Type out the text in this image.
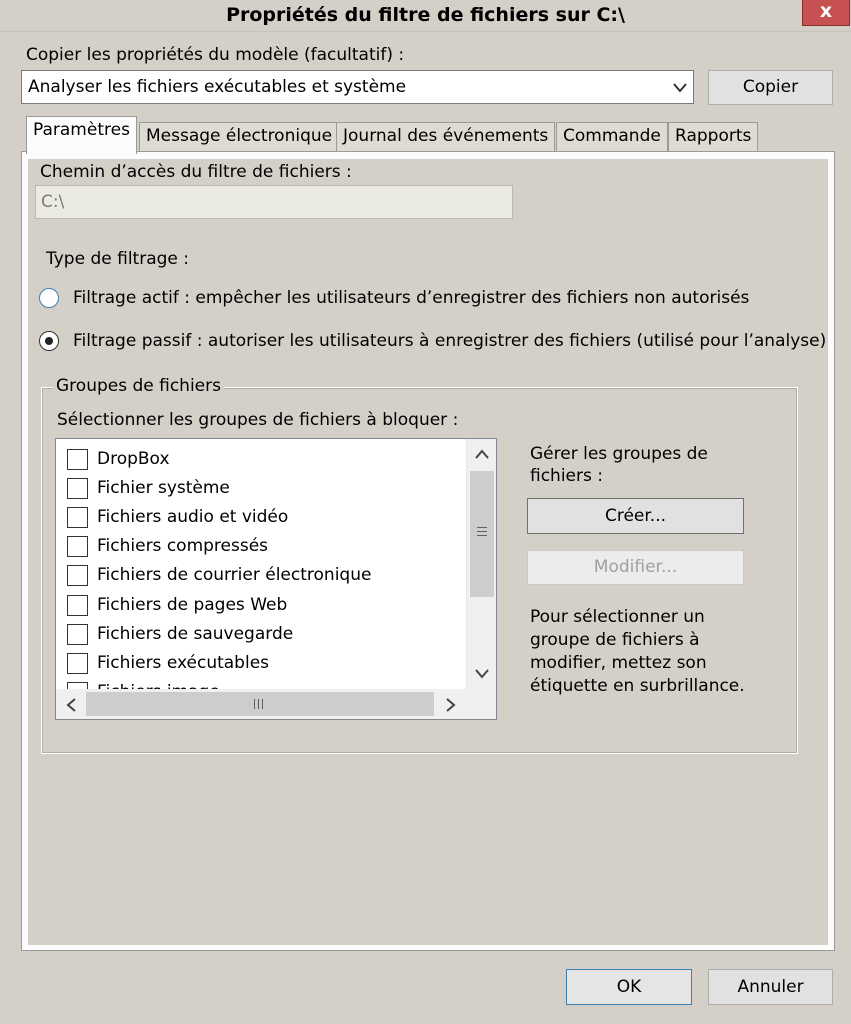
Propriétés du filtre de fichiers sur C:\	x
Copier les propriétés du modèle (facultatif) :
Analyser les fichiers exécutables et système	Copier
Paramètres Message électronique Journal des événements Commande Rapports
Chemin d’accès du filtre de fichiers :
C:\
Type de filtrage :
Filtrage actif : empêcher les utilisateurs d’enregistrer des fichiers non autorisés
Filtrage passif : autoriser les utilisateurs à enregistrer des fichiers (utilisé pour l’analyse)
Groupes de fichiers
Sélectionner les groupes de fichiers à bloquer :
DropBox
Fichier système
Fichiers audio et vidéo
Fichiers compressés
Fichiers de courrier électronique
Fichiers de pages Web
Fichiers de sauvegarde
Fichiers exécutables
Gérer les groupes de
fichiers :
Créer...
Modifier...
Pour sélectionner un
groupe de fichiers à
modifier, mettez son
étiquette en surbrillance.
OK	Annuler
